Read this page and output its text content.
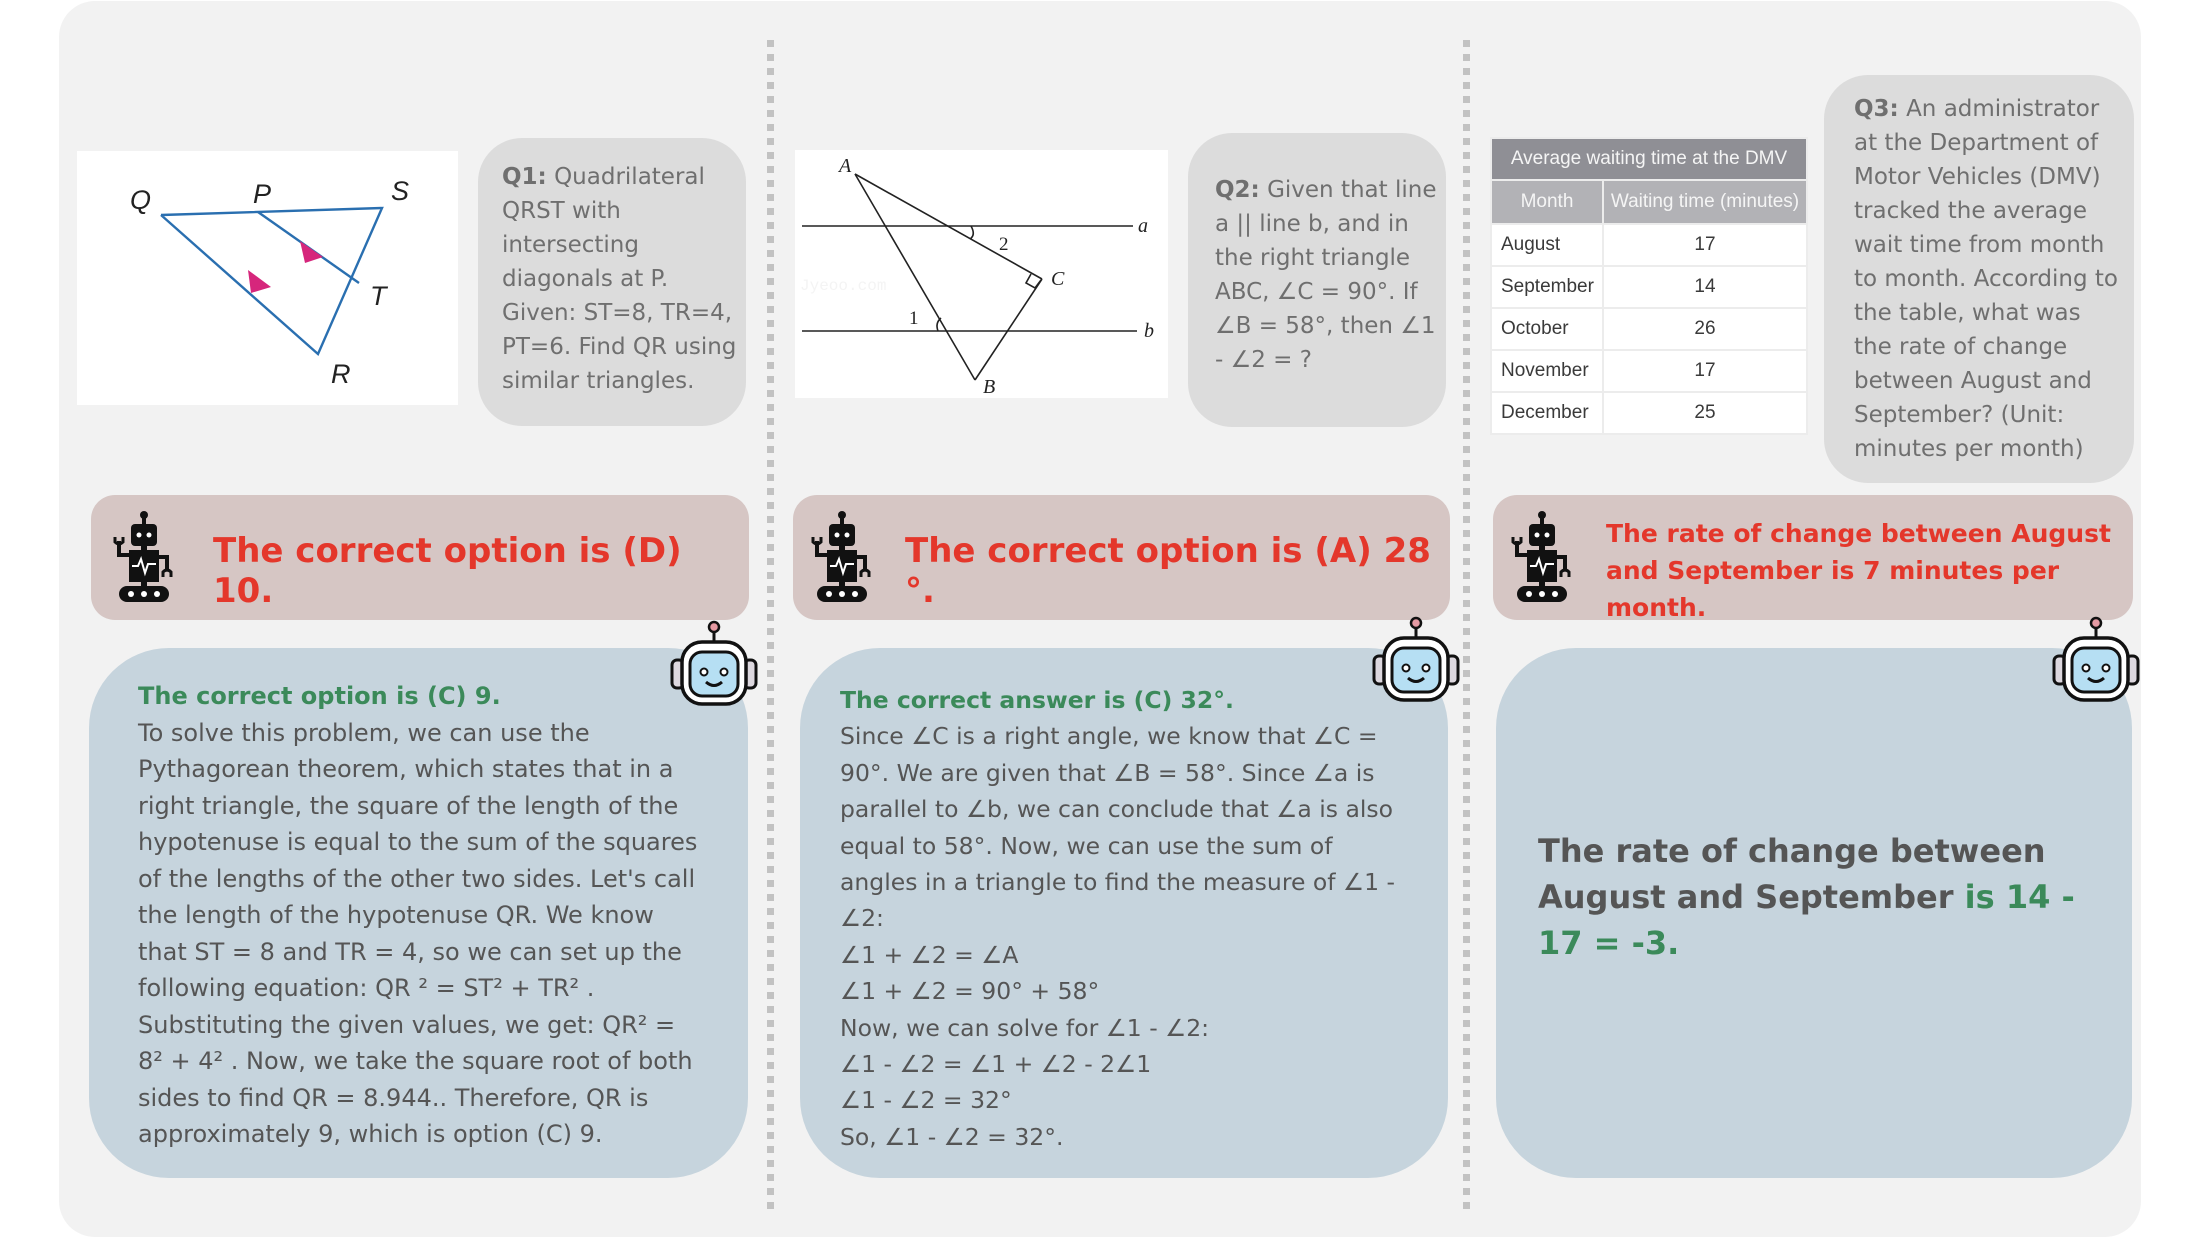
Q	P	S
T
R
Q1: Quadrilateral QRST with intersecting diagonals at P. Given: ST=8, TR=4, PT=6. Find QR using similar triangles.
The correct option is (D) 10.

The correct option is (C) 9.

To solve this problem, we can use the

Pythagorean theorem, which states that in a

right triangle, the square of the length of the

hypotenuse is equal to the sum of the squares

of the lengths of the other two sides. Let's call

the length of the hypotenuse QR. We know

that ST = 8 and TR = 4, so we can set up the

following equation: QR ² = ST² + TR² .

Substituting the given values, we get: QR² =

8² + 4² . Now, we take the square root of both

sides to find QR = 8.944.. Therefore, QR is

approximately 9, which is option (C) 9.

A
a
2
C
1
b
B
Jyeoo.com
Q2: Given that line a || line b, and in the right triangle ABC, ∠C = 90°. If ∠B = 58°, then ∠1 - ∠2 = ?
The correct option is (A) 28 °.

The correct answer is (C) 32°.

Since ∠C is a right angle, we know that ∠C =

90°. We are given that ∠B = 58°. Since ∠a is

parallel to ∠b, we can conclude that ∠a is also

equal to 58°. Now, we can use the sum of

angles in a triangle to find the measure of ∠1 -

∠2:

∠1 + ∠2 = ∠A

∠1 + ∠2 = 90° + 58°

Now, we can solve for ∠1 - ∠2:

∠1 - ∠2 = ∠1 + ∠2 - 2∠1

∠1 - ∠2 = 32°

So, ∠1 - ∠2 = 32°.

Average waiting time at the DMV	
Month	Waiting time (minutes)
August	17
September	14
October	26
November	17
December	25
Q3: An administrator at the Department of Motor Vehicles (DMV) tracked the average wait time from month to month. According to the table, what was the rate of change between August and September? (Unit: minutes per month)
The rate of change between August and September is 7 minutes per month.
The rate of change between August and September is 14 - 17 = -3.
